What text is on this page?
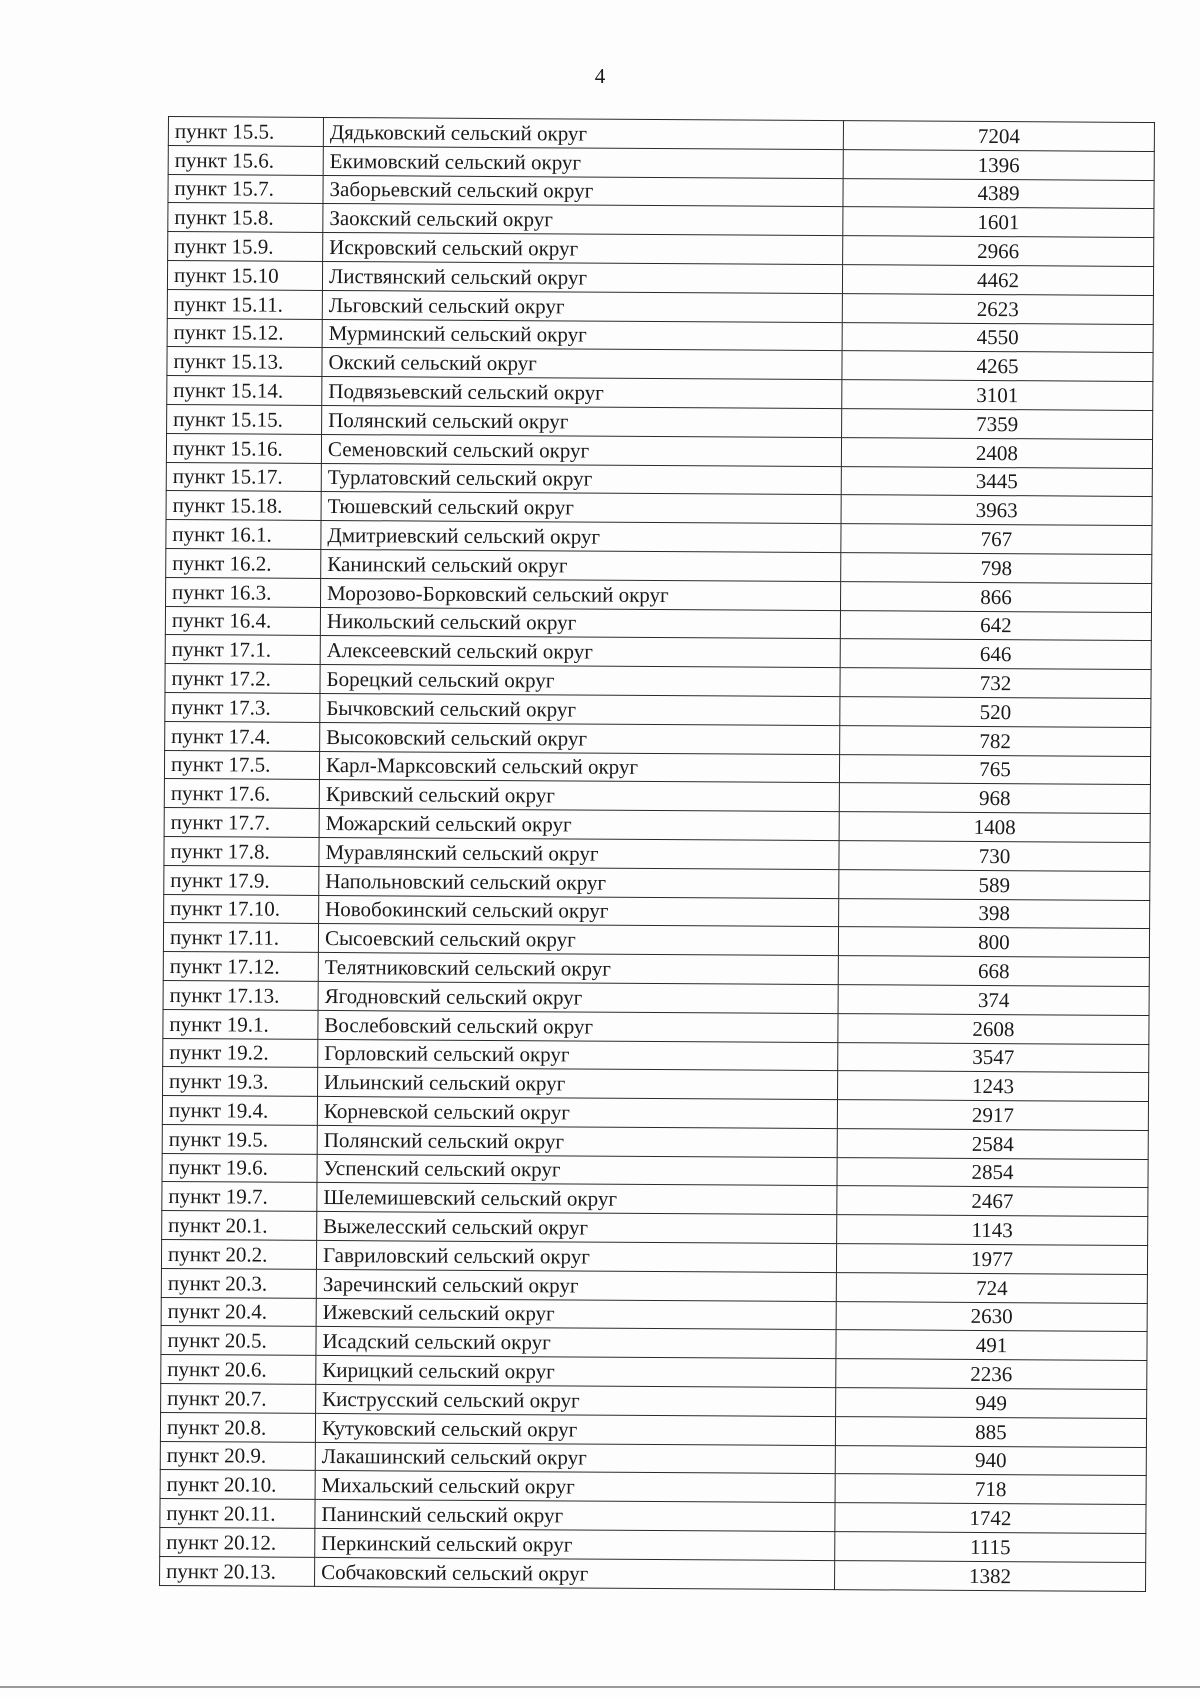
4
пункт 15.5.	Дядьковский сельский округ	7204
пункт 15.6.	Екимовский сельский округ	1396
пункт 15.7.	Заборьевский сельский округ	4389
пункт 15.8.	Заокский сельский округ	1601
пункт 15.9.	Искровский сельский округ	2966
пункт 15.10	Листвянский сельский округ	4462
пункт 15.11.	Льговский сельский округ	2623
пункт 15.12.	Мурминский сельский округ	4550
пункт 15.13.	Окский сельский округ	4265
пункт 15.14.	Подвязьевский сельский округ	3101
пункт 15.15.	Полянский сельский округ	7359
пункт 15.16.	Семеновский сельский округ	2408
пункт 15.17.	Турлатовский сельский округ	3445
пункт 15.18.	Тюшевский сельский округ	3963
пункт 16.1.	Дмитриевский сельский округ	767
пункт 16.2.	Канинский сельский округ	798
пункт 16.3.	Морозово-Борковский сельский округ	866
пункт 16.4.	Никольский сельский округ	642
пункт 17.1.	Алексеевский сельский округ	646
пункт 17.2.	Борецкий сельский округ	732
пункт 17.3.	Бычковский сельский округ	520
пункт 17.4.	Высоковский сельский округ	782
пункт 17.5.	Карл-Марксовский сельский округ	765
пункт 17.6.	Кривский сельский округ	968
пункт 17.7.	Можарский сельский округ	1408
пункт 17.8.	Муравлянский сельский округ	730
пункт 17.9.	Напольновский сельский округ	589
пункт 17.10.	Новобокинский сельский округ	398
пункт 17.11.	Сысоевский сельский округ	800
пункт 17.12.	Телятниковский сельский округ	668
пункт 17.13.	Ягодновский сельский округ	374
пункт 19.1.	Вослебовский сельский округ	2608
пункт 19.2.	Горловский сельский округ	3547
пункт 19.3.	Ильинский сельский округ	1243
пункт 19.4.	Корневской сельский округ	2917
пункт 19.5.	Полянский сельский округ	2584
пункт 19.6.	Успенский сельский округ	2854
пункт 19.7.	Шелемишевский сельский округ	2467
пункт 20.1.	Выжелесский сельский округ	1143
пункт 20.2.	Гавриловский сельский округ	1977
пункт 20.3.	Заречинский сельский округ	724
пункт 20.4.	Ижевский сельский округ	2630
пункт 20.5.	Исадский сельский округ	491
пункт 20.6.	Кирицкий сельский округ	2236
пункт 20.7.	Киструсский сельский округ	949
пункт 20.8.	Кутуковский сельский округ	885
пункт 20.9.	Лакашинский сельский округ	940
пункт 20.10.	Михальский сельский округ	718
пункт 20.11.	Панинский сельский округ	1742
пункт 20.12.	Перкинский сельский округ	1115
пункт 20.13.	Собчаковский сельский округ	1382
